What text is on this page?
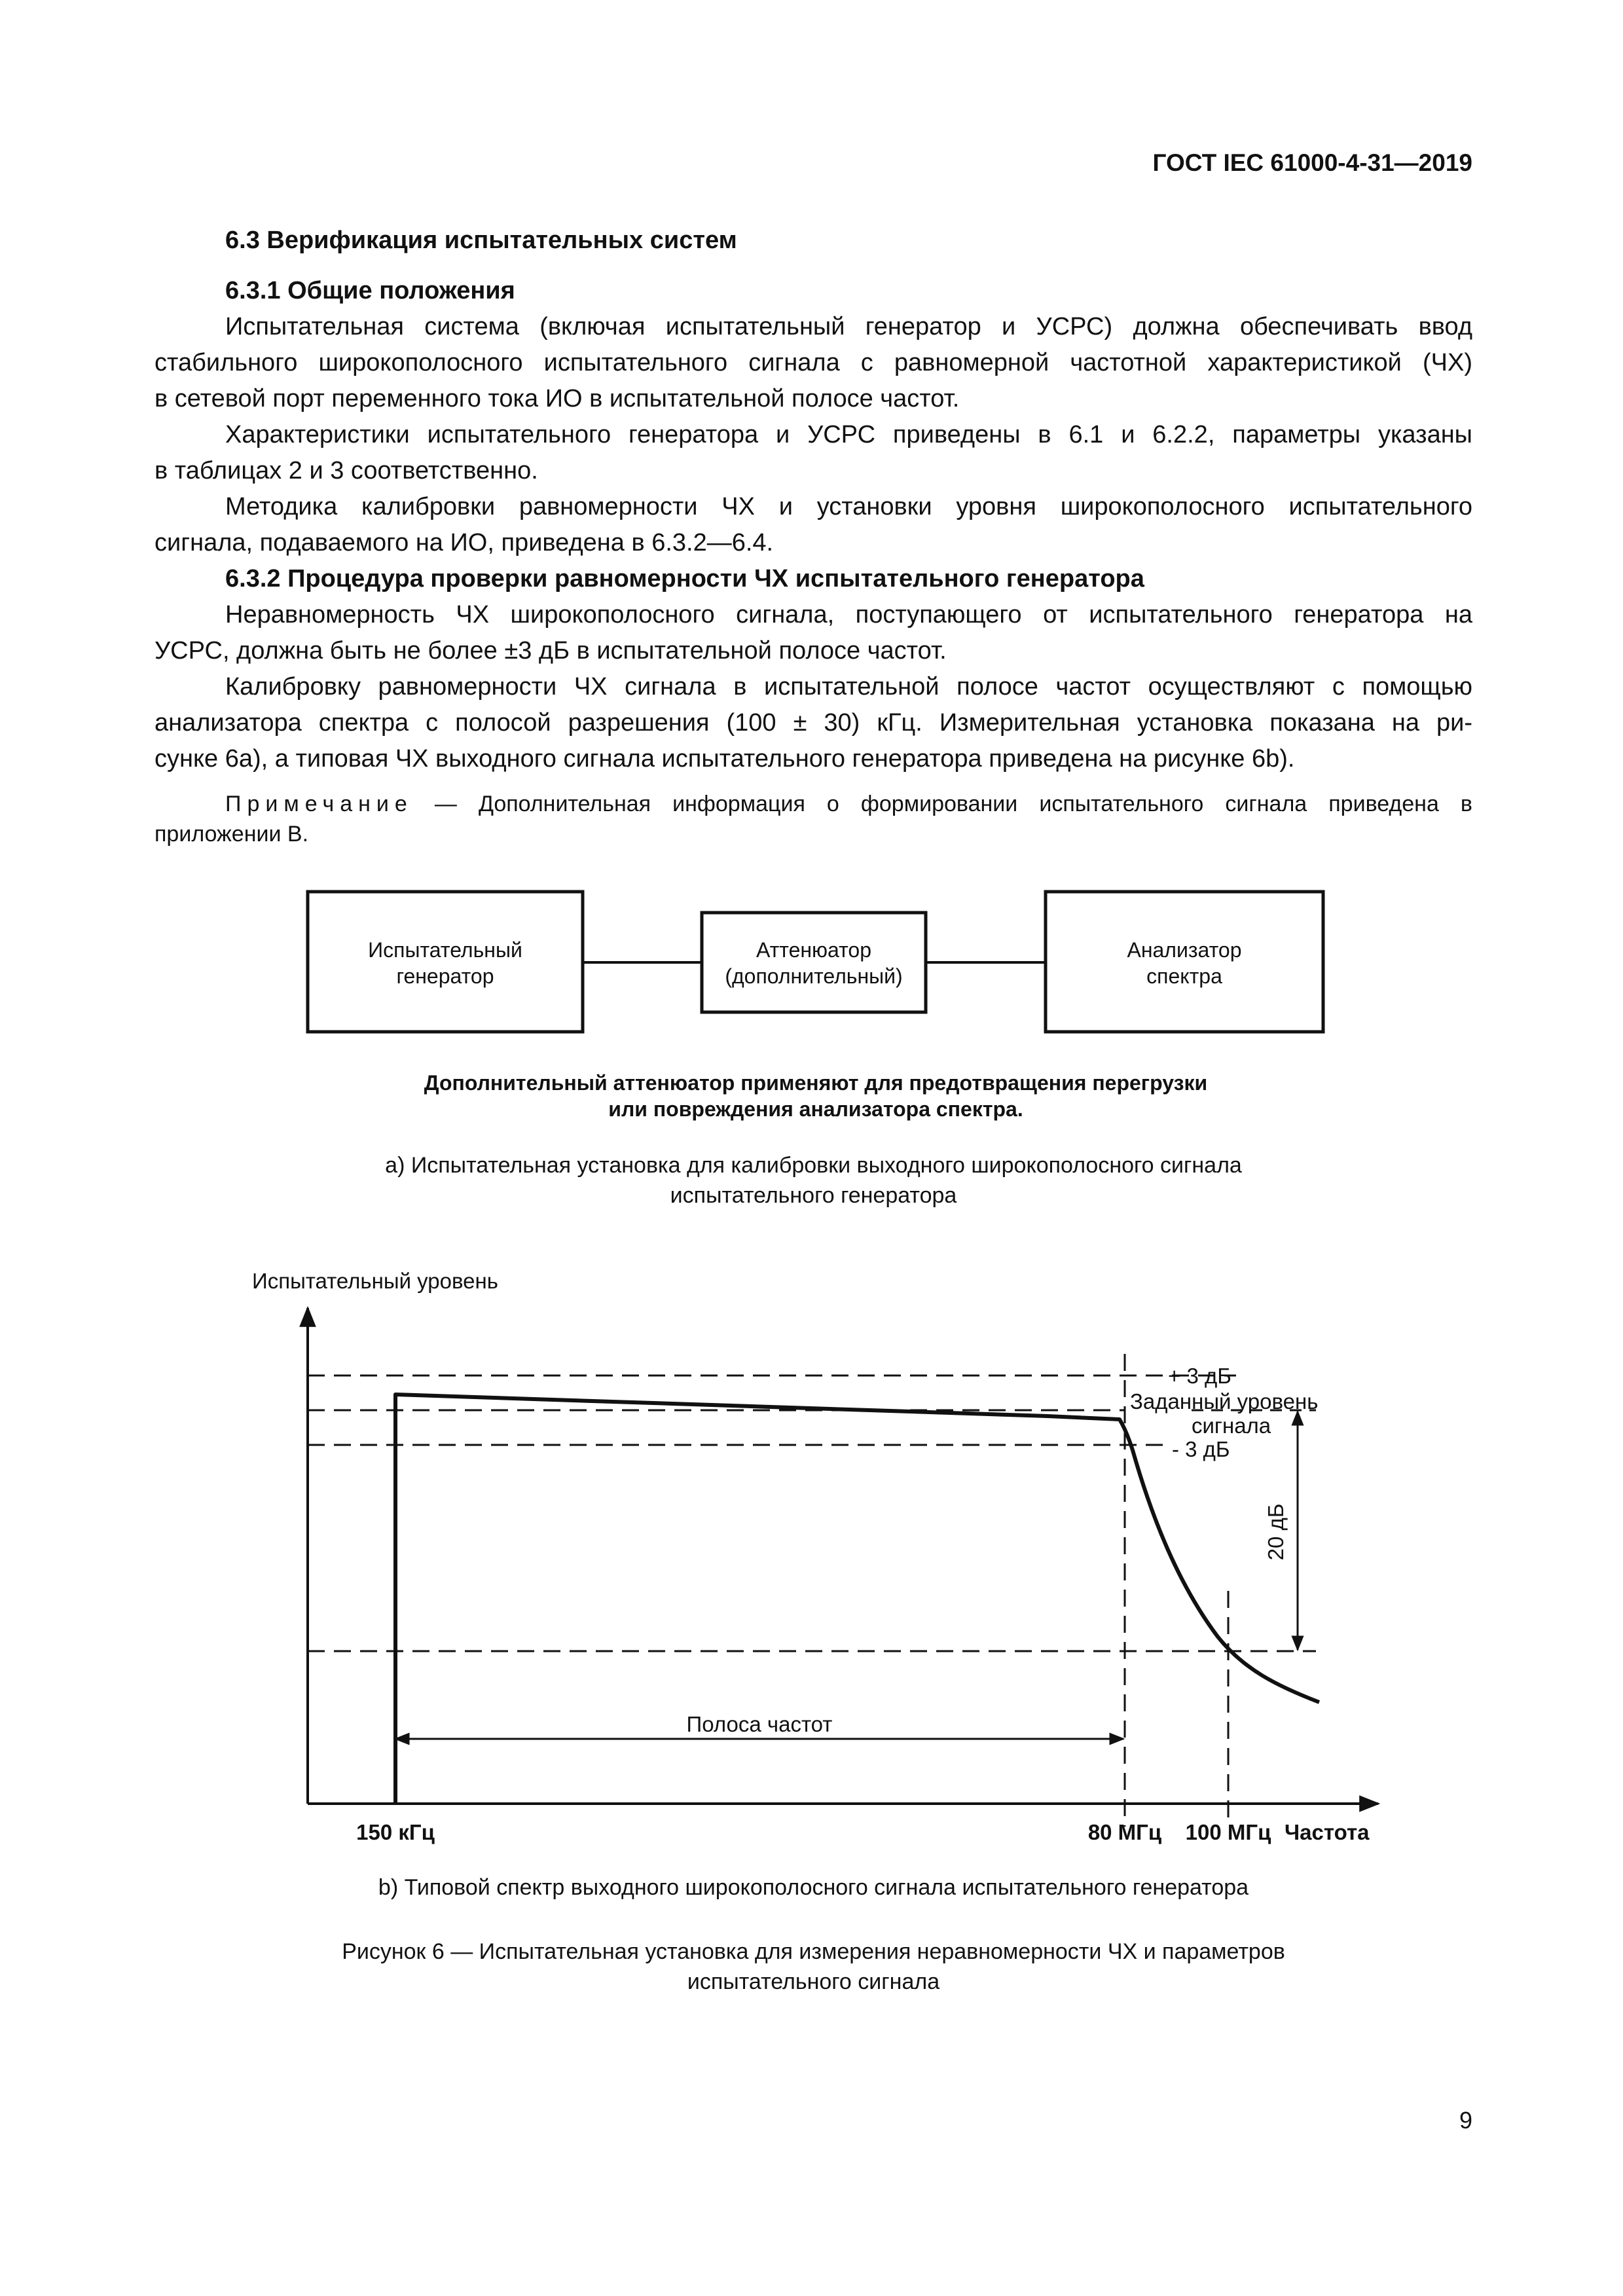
ГОСТ IEC 61000-4-31—2019
6.3 Верификация испытательных систем
6.3.1 Общие положения
Испытательная система (включая испытательный генератор и УСРС) должна обеспечивать ввод
стабильного широкополосного испытательного сигнала с равномерной частотной характеристикой (ЧХ)
в сетевой порт переменного тока ИО в испытательной полосе частот.
Характеристики испытательного генератора и УСРС приведены в 6.1 и 6.2.2, параметры указаны
в таблицах 2 и 3 соответственно.
Методика калибровки равномерности ЧХ и установки уровня широкополосного испытательного
сигнала, подаваемого на ИО, приведена в 6.3.2—6.4.
6.3.2 Процедура проверки равномерности ЧХ испытательного генератора
Неравномерность ЧХ широкополосного сигнала, поступающего от испытательного генератора на
УСРС, должна быть не более ±3 дБ в испытательной полосе частот.
Калибровку равномерности ЧХ сигнала в испытательной полосе частот осуществляют с помощью
анализатора спектра с полосой разрешения (100 ± 30) кГц. Измерительная установка показана на ри-
сунке 6а), а типовая ЧХ выходного сигнала испытательного генератора приведена на рисунке 6b).
Примечание — Дополнительная информация о формировании испытательного сигнала приведена в
приложении В.
Испытательный
генератор
Аттенюатор
(дополнительный)
Анализатор
спектра
Дополнительный аттенюатор применяют для предотвращения перегрузки
или повреждения анализатора спектра.
Испытательный уровень
+ 3 дБ
Заданный уровень
сигнала
- 3 дБ
20 дБ
Полоса частот
150 кГц	80 МГц 100 МГц Частота
a) Испытательная установка для калибровки выходного широкополосного сигнала
испытательного генератора
b) Типовой спектр выходного широкополосного сигнала испытательного генератора
Рисунок 6 — Испытательная установка для измерения неравномерности ЧХ и параметров
испытательного сигнала
9
